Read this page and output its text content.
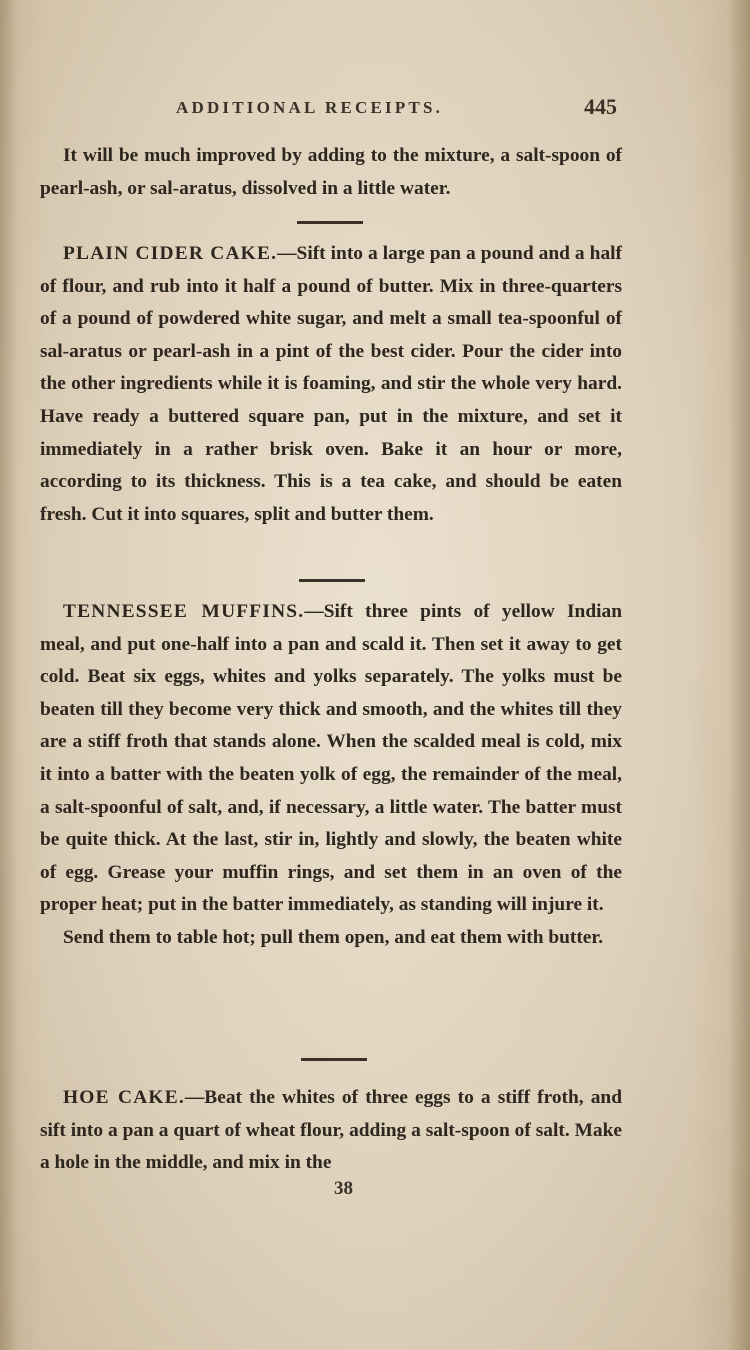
ADDITIONAL RECEIPTS.	445

It will be much improved by adding to the mixture, a salt-spoon of pearl-ash, or sal-aratus, dissolved in a little water.

PLAIN CIDER CAKE.—Sift into a large pan a pound and a half of flour, and rub into it half a pound of butter. Mix in three-quarters of a pound of powdered white sugar, and melt a small tea-spoonful of sal-aratus or pearl-ash in a pint of the best cider. Pour the cider into the other ingredients while it is foaming, and stir the whole very hard. Have ready a buttered square pan, put in the mixture, and set it immediately in a rather brisk oven. Bake it an hour or more, according to its thickness. This is a tea cake, and should be eaten fresh. Cut it into squares, split and butter them.

TENNESSEE MUFFINS.—Sift three pints of yellow Indian meal, and put one-half into a pan and scald it. Then set it away to get cold. Beat six eggs, whites and yolks separately. The yolks must be beaten till they become very thick and smooth, and the whites till they are a stiff froth that stands alone. When the scalded meal is cold, mix it into a batter with the beaten yolk of egg, the remainder of the meal, a salt-spoonful of salt, and, if necessary, a little water. The batter must be quite thick. At the last, stir in, lightly and slowly, the beaten white of egg. Grease your muffin rings, and set them in an oven of the proper heat; put in the batter immediately, as standing will injure it.

Send them to table hot; pull them open, and eat them with butter.

HOE CAKE.—Beat the whites of three eggs to a stiff froth, and sift into a pan a quart of wheat flour, adding a salt-spoon of salt. Make a hole in the middle, and mix in the

38
